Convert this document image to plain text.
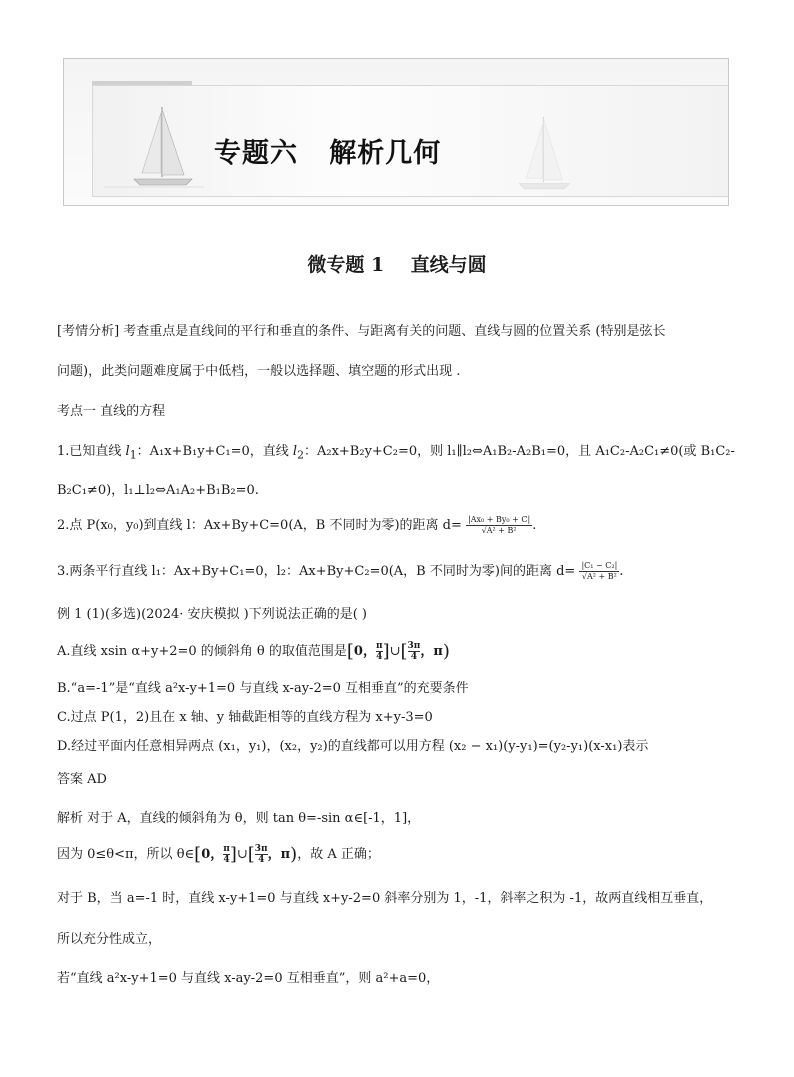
专题六   解析几何
微专题 1    直线与圆
[考情分析] 考查重点是直线间的平行和垂直的条件、与距离有关的问题、直线与圆的位置关系 (特别是弦长
问题)，此类问题难度属于中低档，一般以选择题、填空题的形式出现 .
考点一 直线的方程
1.已知直线 $l_1$：A₁x+B₁y+C₁=0，直线 $l_2$：A₂x+B₂y+C₂=0，则 l₁∥l₂⇔A₁B₂-A₂B₁=0，且 A₁C₂-A₂C₁≠0(或 B₁C₂-
B₂C₁≠0)，l₁⊥l₂⇔A₁A₂+B₁B₂=0.
2.点 P(x₀，y₀)到直线 l：Ax+By+C=0(A，B 不同时为零)的距离 $d= \frac{\text{|Ax₀ + By₀ + C|}}{\text{√A² + B²}}$ .
3.两条平行直线 l₁：Ax+By+C₁=0，l₂：Ax+By+C₂=0(A，B 不同时为零)间的距离 $d= \frac{\text{|C₁ − C₂|}}{\text{√A² + B²}}$ .
例 1 (1)(多选)(2024· 安庆模拟 )下列说法正确的是( )
A.直线 xsin α+y+2=0 的倾斜角 θ 的取值范围是[0， $\frac{\pi}{4}]\cup[ \frac{3\pi}{4}$，π)
B.“a=-1”是“直线 a²x-y+1=0 与直线 x-ay-2=0 互相垂直”的充要条件
C.过点 P(1，2)且在 x 轴、y 轴截距相等的直线方程为 x+y-3=0
D.经过平面内任意相异两点 (x₁，y₁)，(x₂，y₂)的直线都可以用方程 (x₂ − x₁)(y-y₁)=(y₂-y₁)(x-x₁)表示
答案 AD
解析 对于 A，直线的倾斜角为 θ，则 tan θ=-sin α∈[-1，1]，
因为 0≤θ<π，所以 θ∈[0， $\frac{\pi}{4}]\cup[ \frac{3\pi}{4}$，π)，故 A 正确；
对于 B，当 a=-1 时，直线 x-y+1=0 与直线 x+y-2=0 斜率分别为 1，-1，斜率之积为 -1，故两直线相互垂直，
所以充分性成立，
若“直线 a²x-y+1=0 与直线 x-ay-2=0 互相垂直”，则 a²+a=0，
